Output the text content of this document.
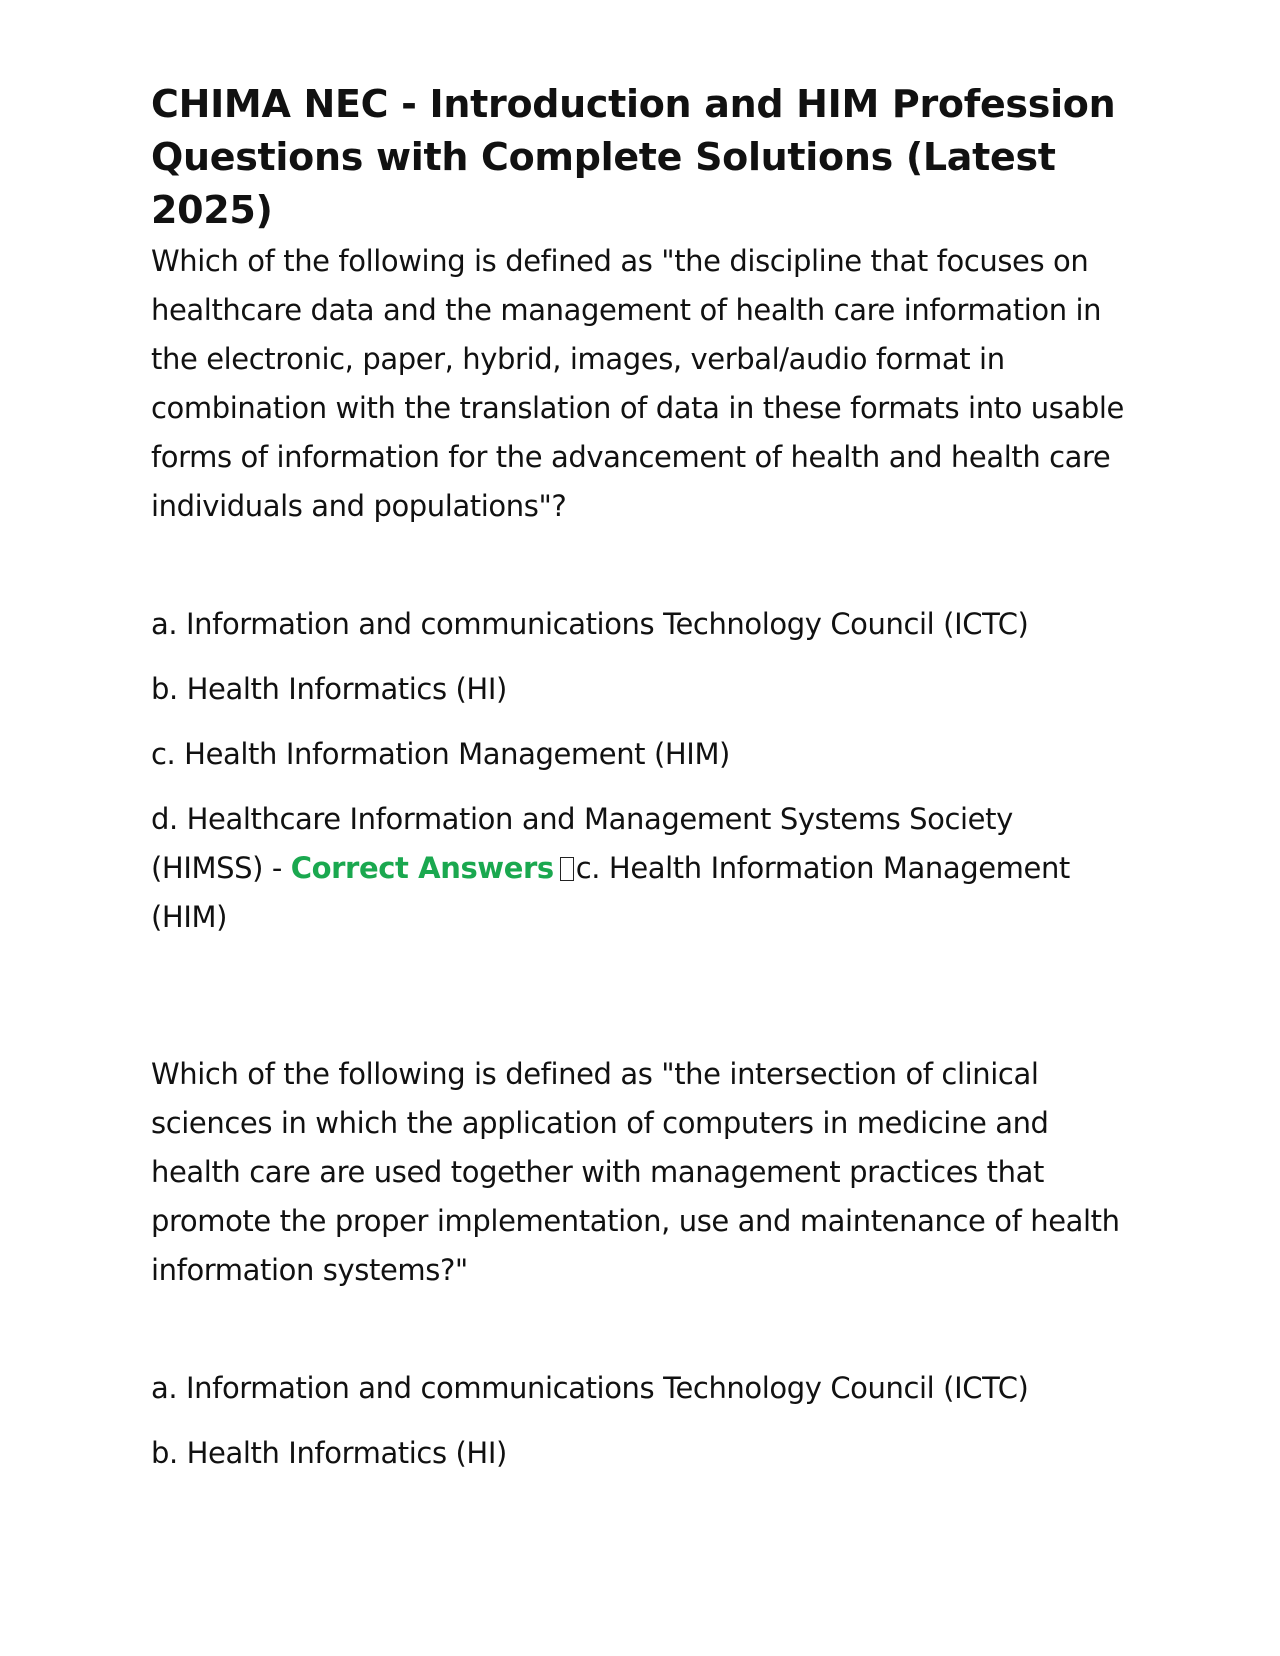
CHIMA NEC - Introduction and HIM Profession Questions with Complete Solutions (Latest 2025)

Which of the following is defined as "the discipline that focuses on healthcare data and the management of health care information in the electronic, paper, hybrid, images, verbal/audio format in combination with the translation of data in these formats into usable forms of information for the advancement of health and health care individuals and populations"?

a. Information and communications Technology Council (ICTC)

b. Health Informatics (HI)

c. Health Information Management (HIM)

d. Healthcare Information and Management Systems Society (HIMSS) - Correct Answers c. Health Information Management (HIM)

Which of the following is defined as "the intersection of clinical sciences in which the application of computers in medicine and health care are used together with management practices that promote the proper implementation, use and maintenance of health information systems?"

a. Information and communications Technology Council (ICTC)

b. Health Informatics (HI)
